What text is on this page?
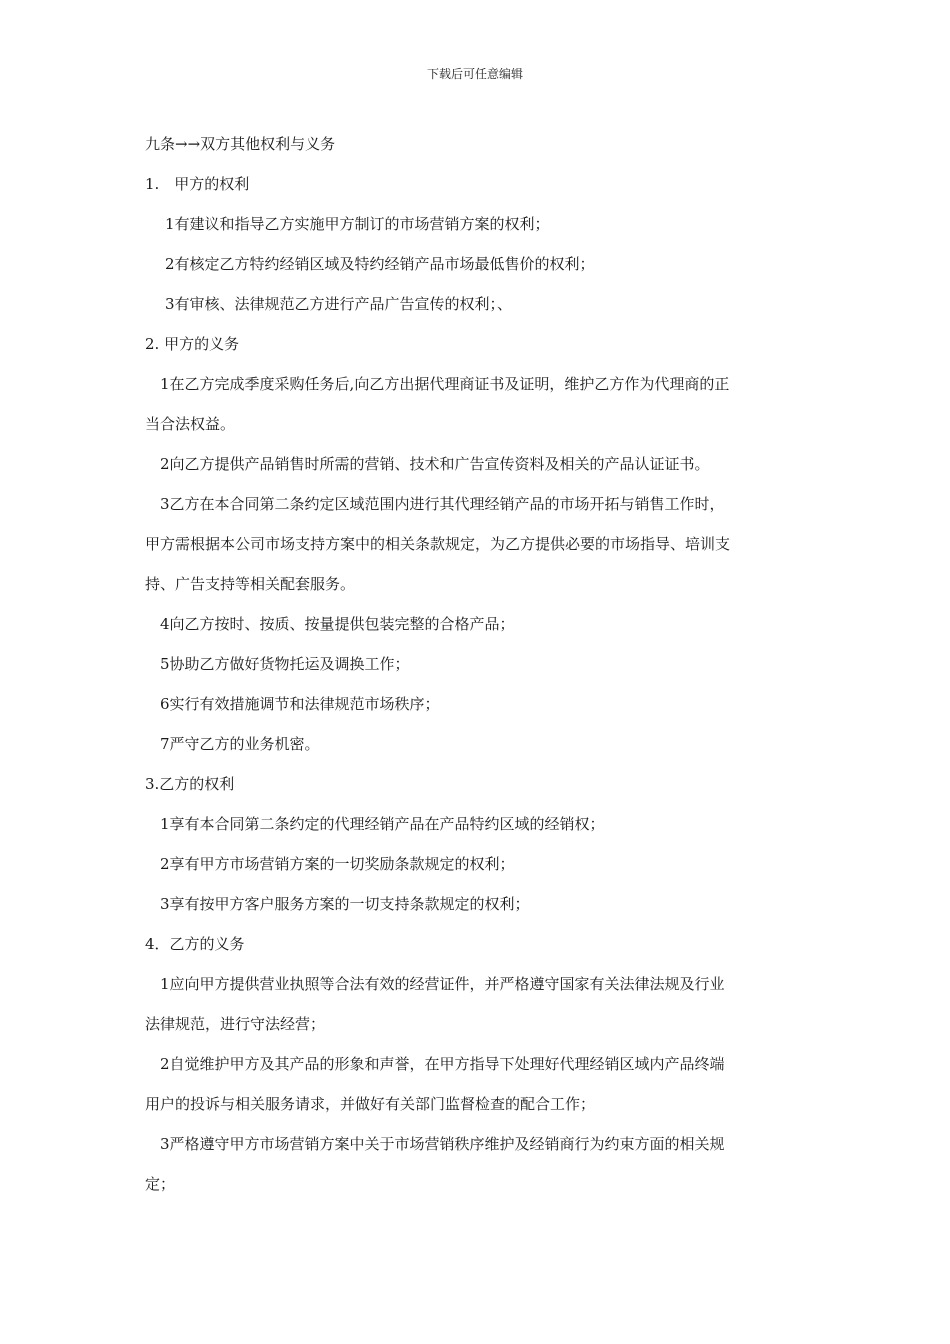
下载后可任意编辑
九条→→双方其他权利与义务
1.　甲方的权利
1有建议和指导乙方实施甲方制订的市场营销方案的权利；
2有核定乙方特约经销区域及特约经销产品市场最低售价的权利；
3有审核、法律规范乙方进行产品广告宣传的权利；、
2. 甲方的义务
1在乙方完成季度采购任务后,向乙方出据代理商证书及证明，维护乙方作为代理商的正
当合法权益。
2向乙方提供产品销售时所需的营销、技术和广告宣传资料及相关的产品认证证书。
3乙方在本合同第二条约定区域范围内进行其代理经销产品的市场开拓与销售工作时，
甲方需根据本公司市场支持方案中的相关条款规定，为乙方提供必要的市场指导、培训支
持、广告支持等相关配套服务。
4向乙方按时、按质、按量提供包装完整的合格产品；
5协助乙方做好货物托运及调换工作；
6实行有效措施调节和法律规范市场秩序；
7严守乙方的业务机密。
3.乙方的权利
1享有本合同第二条约定的代理经销产品在产品特约区域的经销权；
2享有甲方市场营销方案的一切奖励条款规定的权利；
3享有按甲方客户服务方案的一切支持条款规定的权利；
4．乙方的义务
1应向甲方提供营业执照等合法有效的经营证件，并严格遵守国家有关法律法规及行业
法律规范，进行守法经营；
2自觉维护甲方及其产品的形象和声誉，在甲方指导下处理好代理经销区域内产品终端
用户的投诉与相关服务请求，并做好有关部门监督检查的配合工作；
3严格遵守甲方市场营销方案中关于市场营销秩序维护及经销商行为约束方面的相关规
定；
